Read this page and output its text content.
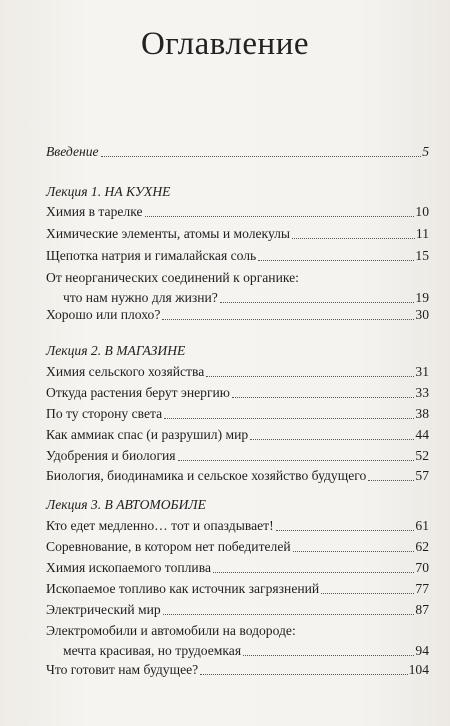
Оглавление
Введение	5
Лекция 1. НА КУХНЕ
Химия в тарелке	10
Химические элементы, атомы и молекулы	11
Щепотка натрия и гималайская соль	15
От неорганических соединений к органике:
что нам нужно для жизни?	19
Хорошо или плохо?	30
Лекция 2. В МАГАЗИНЕ
Химия сельского хозяйства	31
Откуда растения берут энергию	33
По ту сторону света	38
Как аммиак спас (и разрушил) мир	44
Удобрения и биология	52
Биология, биодинамика и сельское хозяйство будущего	57
Лекция 3. В АВТОМОБИЛЕ
Кто едет медленно… тот и опаздывает!	61
Соревнование, в котором нет победителей	62
Химия ископаемого топлива	70
Ископаемое топливо как источник загрязнений	77
Электрический мир	87
Электромобили и автомобили на водороде:
мечта красивая, но трудоемкая	94
Что готовит нам будущее?	104
